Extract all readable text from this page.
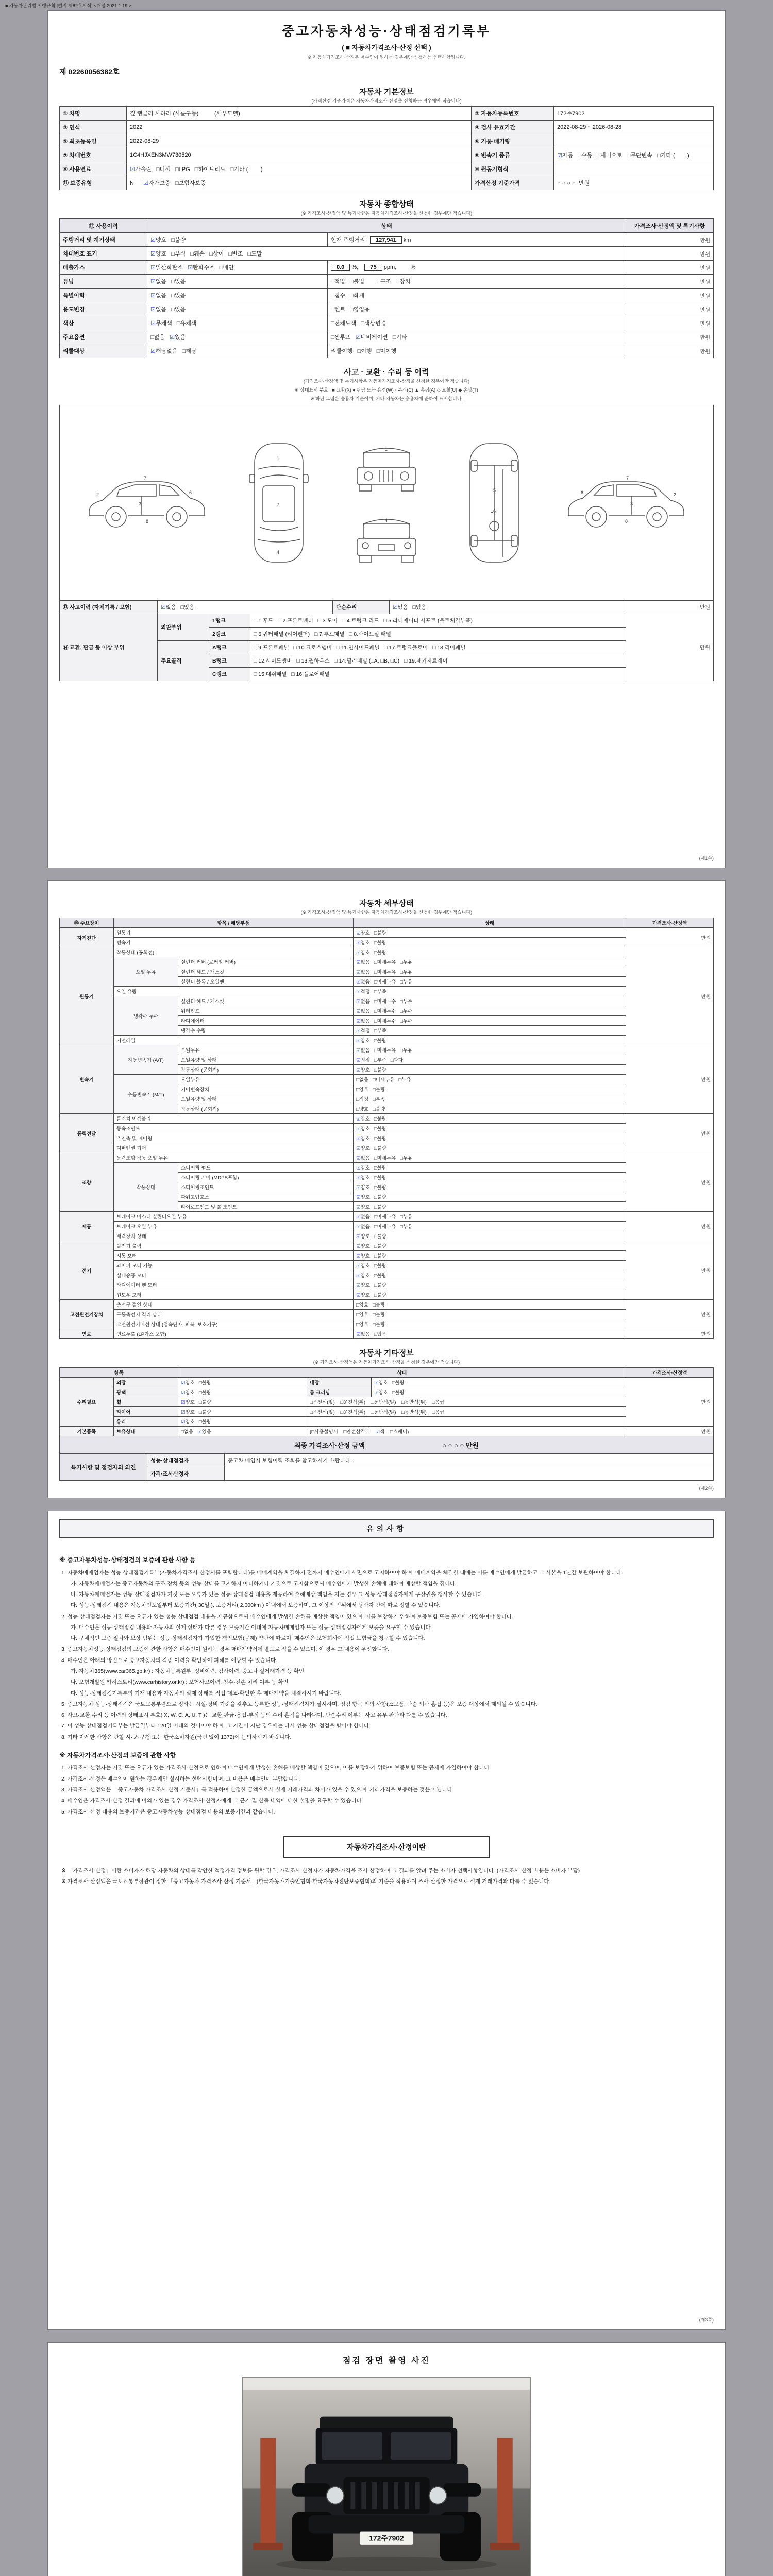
■ 자동차관리법 시행규칙 [별지 제82호서식] <개정 2021.1.19.>
중고자동차성능·상태점검기록부
( ■ 자동차가격조사·산정 선택 )
※ 자동차가격조사·산정은 매수인이 원하는 경우에만 신청하는 선택사항입니다.
제 02260056382호
자동차 기본정보
(가격산정 기준가격은 자동차가격조사·산정을 신청하는 경우에만 적습니다)
① 차명	짚 랭글러 사하라 (사륜구동)          (세부모델)	② 자동차등록번호	172주7902
③ 연식	2022	④ 검사 유효기간	2022-08-29 ~ 2026-08-28
⑤ 최초등록일	2022-08-29	⑥ 기통·배기량	
⑦ 차대번호	1C4HJXEN3MW730520	⑧ 변속기 종류	☑자동   □수동   □세미오토   □무단변속   □기타 (        )
⑨ 사용연료	☑가솔린   □디젤   □LPG   □하이브리드   □기타 (        )	⑩ 원동기형식	
⑪ 보증유형	N      ☑자가보증   □보험사보증	가격산정 기준가격	○ ○ ○ ○  만원
자동차 종합상태
(※ 가격조사·산정액 및 특기사항은 자동차가격조사·산정을 신청한 경우에만 적습니다)
⑫ 사용이력	상태		가격조사·산정액 및 특기사항
주행거리 및 계기상태	☑양호   □불량	현재 주행거리   127,941 km	만원
차대번호 표기	☑양호   □부식   □훼손   □상이   □변조   □도말		만원
배출가스	☑일산화탄소   ☑탄화수소   □매연	0.0 %,    75 ppm,         %	만원
튜닝	☑없음   □있음	□적법   □불법        □구조   □장치	만원
특별이력	☑없음   □있음	□침수   □화재	만원
용도변경	☑없음   □있음	□렌트   □영업용	만원
색상	☑무채색   □유채색	□전체도색   □색상변경	만원
주요옵션	□없음   ☑있음	□썬루프   ☑네비게이션   □기타	만원
리콜대상	☑해당없음   □해당	리콜이행   □이행   □미이행	만원
사고 · 교환 · 수리 등 이력
(가격조사·산정액 및 특기사항은 자동차가격조사·산정을 신청한 경우에만 적습니다)
※ 상태표시 부호 : ■ 교환(X) ● 판금 또는 용접(W) ◦ 부식(C) ▲ 흠집(A) ◇ 요철(U) ◆ 손상(T)
※ 하단 그림은 승용차 기준이며, 기타 자동차는 승용차에 준하여 표시합니다.
7
2
3
6
8
1
7
4
1
4
15
16
7
2
3
6
8
⑬ 사고이력 (자체기록 / 보험)	☑없음   □있음	단순수리	☑없음   □있음	만원
⑭ 교환, 판금 등 이상 부위	외판부위	1랭크	□ 1.후드   □ 2.프론트펜더   □ 3.도어   □ 4.트렁크 리드   □ 5.라디에이터 서포트 (볼트체결부품)	만원
		2랭크	□ 6.쿼터패널 (리어펜더)   □ 7.루프패널   □ 8.사이드실 패널	
	주요골격	A랭크	□ 9.프론트패널   □ 10.크로스멤버   □ 11.인사이드패널   □ 17.트렁크플로어   □ 18.리어패널	
		B랭크	□ 12.사이드멤버   □ 13.휠하우스   □ 14.필러패널 (□A, □B, □C)   □ 19.패키지트레이	
		C랭크	□ 15.대쉬패널   □ 16.플로어패널	
(제1쪽)
자동차 세부상태
(※ 가격조사·산정액 및 특기사항은 자동차가격조사·산정을 신청한 경우에만 적습니다)
⑮ 주요장치	항목 / 해당부품		상태	가격조사·산정액
자기진단	원동기		☑양호   □불량	만원
	변속기		☑양호   □불량	
원동기	작동상태 (공회전)		☑양호   □불량	만원
	오일 누유	실린더 커버 (로커암 커버)	☑없음   □미세누유   □누유	
		실린더 헤드 / 개스킷	☑없음   □미세누유   □누유	
		실린더 블록 / 오일팬	☑없음   □미세누유   □누유	
	오일 유량		☑적정   □부족	
	냉각수 누수	실린더 헤드 / 개스킷	☑없음   □미세누수   □누수	
		워터펌프	☑없음   □미세누수   □누수	
		라디에이터	☑없음   □미세누수   □누수	
		냉각수 수량	☑적정   □부족	
	커먼레일		☑양호   □불량	
변속기	자동변속기 (A/T)	오일누유	☑없음   □미세누유   □누유	만원
		오일유량 및 상태	☑적정   □부족   □과다	
		작동상태 (공회전)	☑양호   □불량	
	수동변속기 (M/T)	오일누유	□없음   □미세누유   □누유	
		기어변속장치	□양호   □불량	
		오일유량 및 상태	□적정   □부족	
		작동상태 (공회전)	□양호   □불량	
동력전달	클러치 어셈블리		☑양호   □불량	만원
	등속조인트		☑양호   □불량	
	추진축 및 베어링		☑양호   □불량	
	디퍼렌셜 기어		☑양호   □불량	
조향	동력조향 작동 오일 누유		☑없음   □미세누유   □누유	만원
	작동상태	스티어링 펌프	☑양호   □불량	
		스티어링 기어 (MDPS포함)	☑양호   □불량	
		스티어링조인트	☑양호   □불량	
		파워고압호스	☑양호   □불량	
		타이로드엔드 및 볼 조인트	☑양호   □불량	
제동	브레이크 마스터 실린더오일 누유		☑없음   □미세누유   □누유	만원
	브레이크 오일 누유		☑없음   □미세누유   □누유	
	배력장치 상태		☑양호   □불량	
전기	발전기 출력		☑양호   □불량	만원
	시동 모터		☑양호   □불량	
	와이퍼 모터 기능		☑양호   □불량	
	실내송풍 모터		☑양호   □불량	
	라디에이터 팬 모터		☑양호   □불량	
	윈도우 모터		☑양호   □불량	
고전원전기장치	충전구 절연 상태		□양호   □불량	만원
	구동축전지 격리 상태		□양호   □불량	
	고전원전기배선 상태 (접속단자, 피복, 보호기구)		□양호   □불량	
연료	연료누출 (LP가스 포함)		☑없음   □있음	만원
자동차 기타정보
(※ 가격조사·산정액은 자동차가격조사·산정을 신청한 경우에만 적습니다)
항목		상태			가격조사·산정액
수리필요	외장	☑양호   □불량	내장	☑양호   □불량	만원
	광택	☑양호   □불량	룸 크리닝	☑양호   □불량	
	휠	☑양호   □불량	□운전석(앞)    □운전석(뒤)    □동반석(앞)    □동반석(뒤)    □응급		
	타이어	☑양호   □불량	□운전석(앞)    □운전석(뒤)    □동반석(앞)    □동반석(뒤)    □응급		
	유리	☑양호   □불량			
기본품목	보유상태	□없음   ☑있음	(□사용설명서    □안전삼각대    ☑잭    □스패너)		만원
최종 가격조사·산정 금액	○ ○ ○ ○ 만원
특기사항 및 점검자의 의견	성능·상태점검자	중고차 매입시 보험이력 조회를 참고하시기 바랍니다.
	가격·조사산정자	
(제2쪽)
유의사항
※ 중고자동차성능·상태점검의 보증에 관한 사항 등
1. 자동차매매업자는 성능·상태점검기록부(자동차가격조사·산정서를 포함합니다)를 매매계약을 체결하기 전까지 매수인에게 서면으로 고지하여야 하며, 매매계약을 체결한 때에는 이를 매수인에게 발급하고 그 사본을 1년간 보관하여야 합니다.
가. 자동차매매업자는 중고자동차의 구조·장치 등의 성능·상태를 고지하지 아니하거나 거짓으로 고지함으로써 매수인에게 발생한 손해에 대하여 배상할 책임을 집니다.
나. 자동차매매업자는 성능·상태점검자가 거짓 또는 오류가 있는 성능·상태점검 내용을 제공하여 손해배상 책임을 지는 경우 그 성능·상태점검자에게 구상권을 행사할 수 있습니다.
다. 성능·상태점검 내용은 자동차인도일부터 보증기간( 30일 ), 보증거리( 2,000km ) 이내에서 보증하며, 그 이상의 범위에서 당사자 간에 따로 정할 수 있습니다.
2. 성능·상태점검자는 거짓 또는 오류가 있는 성능·상태점검 내용을 제공함으로써 매수인에게 발생한 손해를 배상할 책임이 있으며, 이를 보장하기 위하여 보증보험 또는 공제에 가입하여야 합니다.
가. 매수인은 성능·상태점검 내용과 자동차의 실제 상태가 다른 경우 보증기간 이내에 자동차매매업자 또는 성능·상태점검자에게 보증을 요구할 수 있습니다.
나. 구체적인 보증 절차와 보상 범위는 성능·상태점검자가 가입한 책임보험(공제) 약관에 따르며, 매수인은 보험회사에 직접 보험금을 청구할 수 있습니다.
3. 중고자동차성능·상태점검의 보증에 관한 사항은 매수인이 원하는 경우 매매계약서에 별도로 적을 수 있으며, 이 경우 그 내용이 우선합니다.
4. 매수인은 아래의 방법으로 중고자동차의 각종 이력을 확인하여 피해를 예방할 수 있습니다.
가. 자동차365(www.car365.go.kr) : 자동차등록원부, 정비이력, 검사이력, 중고차 실거래가격 등 확인
나. 보험개발원 카히스토리(www.carhistory.or.kr) : 보험사고이력, 침수·전손 처리 여부 등 확인
다. 성능·상태점검기록부의 기재 내용과 자동차의 실제 상태를 직접 대조·확인한 후 매매계약을 체결하시기 바랍니다.
5. 중고자동차 성능·상태점검은 국토교통부령으로 정하는 시설·장비 기준을 갖추고 등록한 성능·상태점검자가 실시하며, 점검 항목 외의 사항(소모품, 단순 외관 흠집 등)은 보증 대상에서 제외될 수 있습니다.
6. 사고·교환·수리 등 이력의 상태표시 부호( X, W, C, A, U, T )는 교환·판금·용접·부식 등의 수리 흔적을 나타내며, 단순수리 여부는 사고 유무 판단과 다를 수 있습니다.
7. 이 성능·상태점검기록부는 발급일부터 120일 이내의 것이어야 하며, 그 기간이 지난 경우에는 다시 성능·상태점검을 받아야 합니다.
8. 기타 자세한 사항은 관할 시·군·구청 또는 한국소비자원(국번 없이 1372)에 문의하시기 바랍니다.
※ 자동차가격조사·산정의 보증에 관한 사항
1. 가격조사·산정자는 거짓 또는 오류가 있는 가격조사·산정으로 인하여 매수인에게 발생한 손해를 배상할 책임이 있으며, 이를 보장하기 위하여 보증보험 또는 공제에 가입하여야 합니다.
2. 가격조사·산정은 매수인이 원하는 경우에만 실시하는 선택사항이며, 그 비용은 매수인이 부담합니다.
3. 가격조사·산정액은 「중고자동차 가격조사·산정 기준서」를 적용하여 산정한 금액으로서 실제 거래가격과 차이가 있을 수 있으며, 거래가격을 보증하는 것은 아닙니다.
4. 매수인은 가격조사·산정 결과에 이의가 있는 경우 가격조사·산정자에게 그 근거 및 산출 내역에 대한 설명을 요구할 수 있습니다.
5. 가격조사·산정 내용의 보증기간은 중고자동차성능·상태점검 내용의 보증기간과 같습니다.
자동차가격조사·산정이란
※ 「가격조사·산정」이란 소비자가 해당 자동차의 상태를 감안한 적정가격 정보를 원할 경우, 가격조사·산정자가 자동차가격을 조사·산정하여 그 결과를 알려 주는 소비자 선택사항입니다. (가격조사·산정 비용은 소비자 부담)
※ 가격조사·산정액은 국토교통부장관이 정한 「중고자동차 가격조사·산정 기준서」(한국자동차기술인협회·한국자동차진단보증협회)의 기준을 적용하여 조사·산정한 가격으로 실제 거래가격과 다를 수 있습니다.
(제3쪽)
점검 장면 촬영 사진
172주7902
